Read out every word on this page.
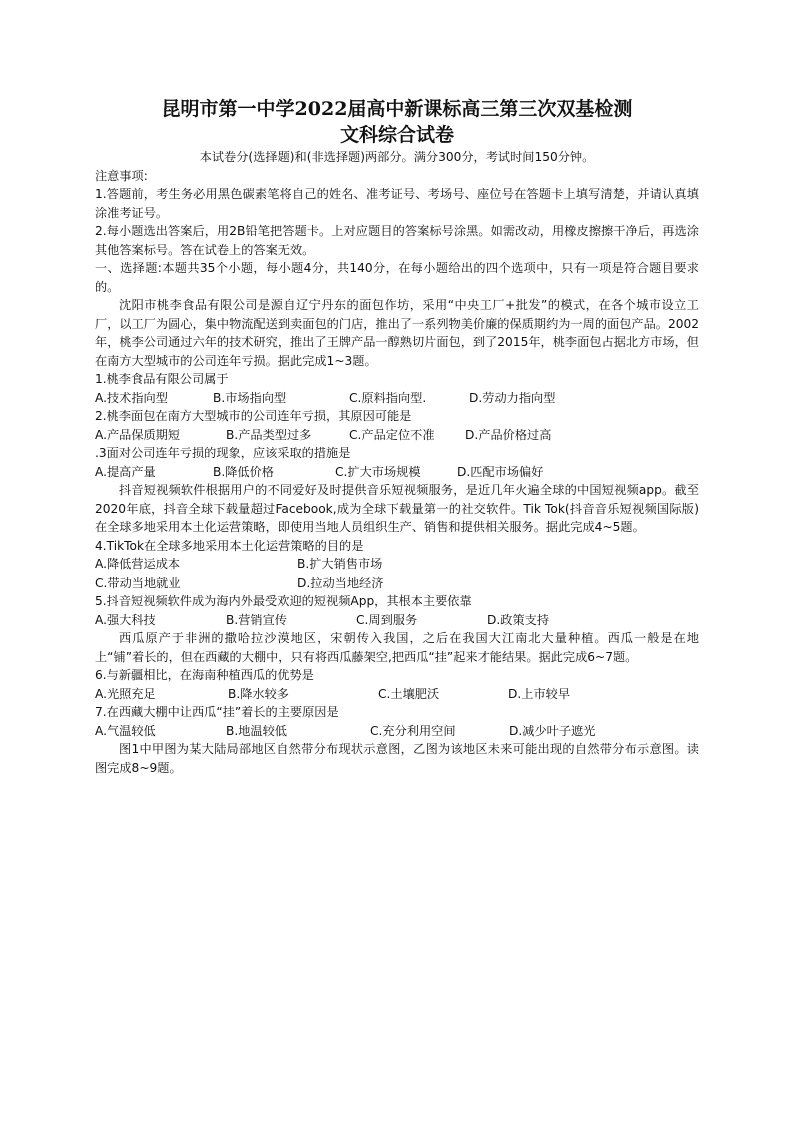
昆明市第一中学2022届高中新课标高三第三次双基检测

文科综合试卷

本试卷分(选择题)和(非选择题)两部分。满分300分，考试时间150分钟。

注意事项:

1.答题前，考生务必用黑色碳素笔将自己的姓名、准考证号、考场号、座位号在答题卡上填写清楚，并请认真填涂准考证号。

2.每小题选出答案后，用2B铅笔把答题卡。上对应题目的答案标号涂黑。如需改动，用橡皮擦擦干净后，再选涂其他答案标号。答在试卷上的答案无效。

一、选择题:本题共35个小题，每小题4分，共140分，在每小题给出的四个选项中，只有一项是符合题目要求的。

沈阳市桃李食品有限公司是源自辽宁丹东的面包作坊，采用“中央工厂+批发”的模式，在各个城市设立工厂，以工厂为圆心，集中物流配送到卖面包的门店，推出了一系列物美价廉的保质期约为一周的面包产品。2002年，桃李公司通过六年的技术研究，推出了王牌产品一醇熟切片面包，到了2015年，桃李面包占据北方市场，但在南方大型城市的公司连年亏损。据此完成1~3题。

1.桃李食品有限公司属于

A.技术指向型	B.市场指向型	C.原料指向型.	D.劳动力指向型

2.桃李面包在南方大型城市的公司连年亏损，其原因可能是

A.产品保质期短	B.产品类型过多	C.产品定位不准 D.产品价格过高

.3面对公司连年亏损的现象，应该采取的措施是

A.提高产量	B.降低价格	C.扩大市场规模	D.匹配市场偏好

抖音短视频软件根据用户的不同爱好及时提供音乐短视频服务，是近几年火遍全球的中国短视频app。截至2020年底，抖音全球下载量超过Facebook,成为全球下载量第一的社交软件。Tik Tok(抖音音乐短视频国际版)在全球多地采用本土化运营策略，即使用当地人员组织生产、销售和提供相关服务。据此完成4~5题。

4.TikTok在全球多地采用本土化运营策略的目的是

A.降低营运成本	B.扩大销售市场
C.带动当地就业	D.拉动当地经济

5.抖音短视频软件成为海内外最受欢迎的短视频App，其根本主要依靠

A.强大科技	B.营销宣传	C.周到服务	D.政策支持

西瓜原产于非洲的撒哈拉沙漠地区，宋朝传入我国，之后在我国大江南北大量种植。西瓜一般是在地上“铺”着长的，但在西藏的大棚中，只有将西瓜藤架空,把西瓜“挂”起来才能结果。据此完成6~7题。

6.与新疆相比，在海南种植西瓜的优势是

A.光照充足	B.降水较多	C.土壤肥沃	D.上市较早

7.在西藏大棚中让西瓜“挂”着长的主要原因是

A.气温较低	B.地温较低	C.充分利用空间	D.减少叶子遮光

图1中甲图为某大陆局部地区自然带分布现状示意图，乙图为该地区未来可能出现的自然带分布示意图。读图完成8~9题。
